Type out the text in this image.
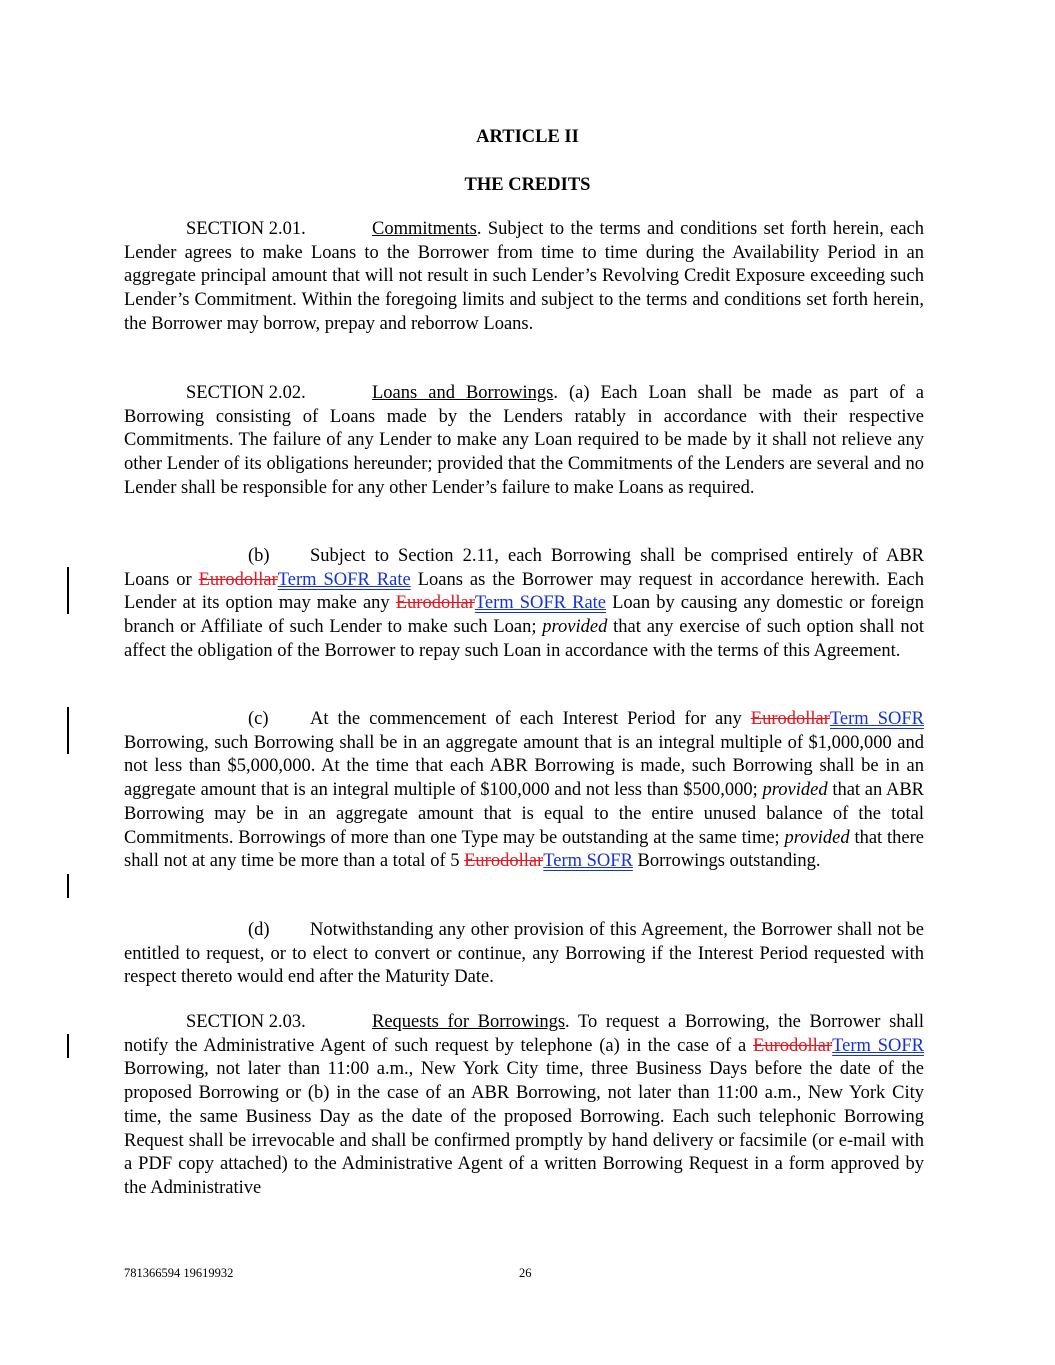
ARTICLE II
THE CREDITS

SECTION 2.01.	Commitments. Subject to the terms and conditions set forth herein, each Lender agrees to make Loans to the Borrower from time to time during the Availability Period in an aggregate principal amount that will not result in such Lender’s Revolving Credit Exposure exceeding such Lender’s Commitment. Within the foregoing limits and subject to the terms and conditions set forth herein, the Borrower may borrow, prepay and reborrow Loans.

SECTION 2.02.	Loans and Borrowings. (a) Each Loan shall be made as part of a Borrowing consisting of Loans made by the Lenders ratably in accordance with their respective Commitments. The failure of any Lender to make any Loan required to be made by it shall not relieve any other Lender of its obligations hereunder; provided that the Commitments of the Lenders are several and no Lender shall be responsible for any other Lender’s failure to make Loans as required.

(b) Subject to Section 2.11, each Borrowing shall be comprised entirely of ABR Loans or EurodollarTerm SOFR Rate Loans as the Borrower may request in accordance herewith. Each Lender at its option may make any EurodollarTerm SOFR Rate Loan by causing any domestic or foreign branch or Affiliate of such Lender to make such Loan; provided that any exercise of such option shall not affect the obligation of the Borrower to repay such Loan in accordance with the terms of this Agreement.

(c) At the commencement of each Interest Period for any EurodollarTerm SOFR Borrowing, such Borrowing shall be in an aggregate amount that is an integral multiple of $1,000,000 and not less than $5,000,000. At the time that each ABR Borrowing is made, such Borrowing shall be in an aggregate amount that is an integral multiple of $100,000 and not less than $500,000; provided that an ABR Borrowing may be in an aggregate amount that is equal to the entire unused balance of the total Commitments. Borrowings of more than one Type may be outstanding at the same time; provided that there shall not at any time be more than a total of 5 EurodollarTerm SOFR Borrowings outstanding.

(d) Notwithstanding any other provision of this Agreement, the Borrower shall not be entitled to request, or to elect to convert or continue, any Borrowing if the Interest Period requested with respect thereto would end after the Maturity Date.

SECTION 2.03.	Requests for Borrowings. To request a Borrowing, the Borrower shall notify the Administrative Agent of such request by telephone (a) in the case of a EurodollarTerm SOFR Borrowing, not later than 11:00 a.m., New York City time, three Business Days before the date of the proposed Borrowing or (b) in the case of an ABR Borrowing, not later than 11:00 a.m., New York City time, the same Business Day as the date of the proposed Borrowing. Each such telephonic Borrowing Request shall be irrevocable and shall be confirmed promptly by hand delivery or facsimile (or e-mail with a PDF copy attached) to the Administrative Agent of a written Borrowing Request in a form approved by the Administrative

781366594 19619932	26
